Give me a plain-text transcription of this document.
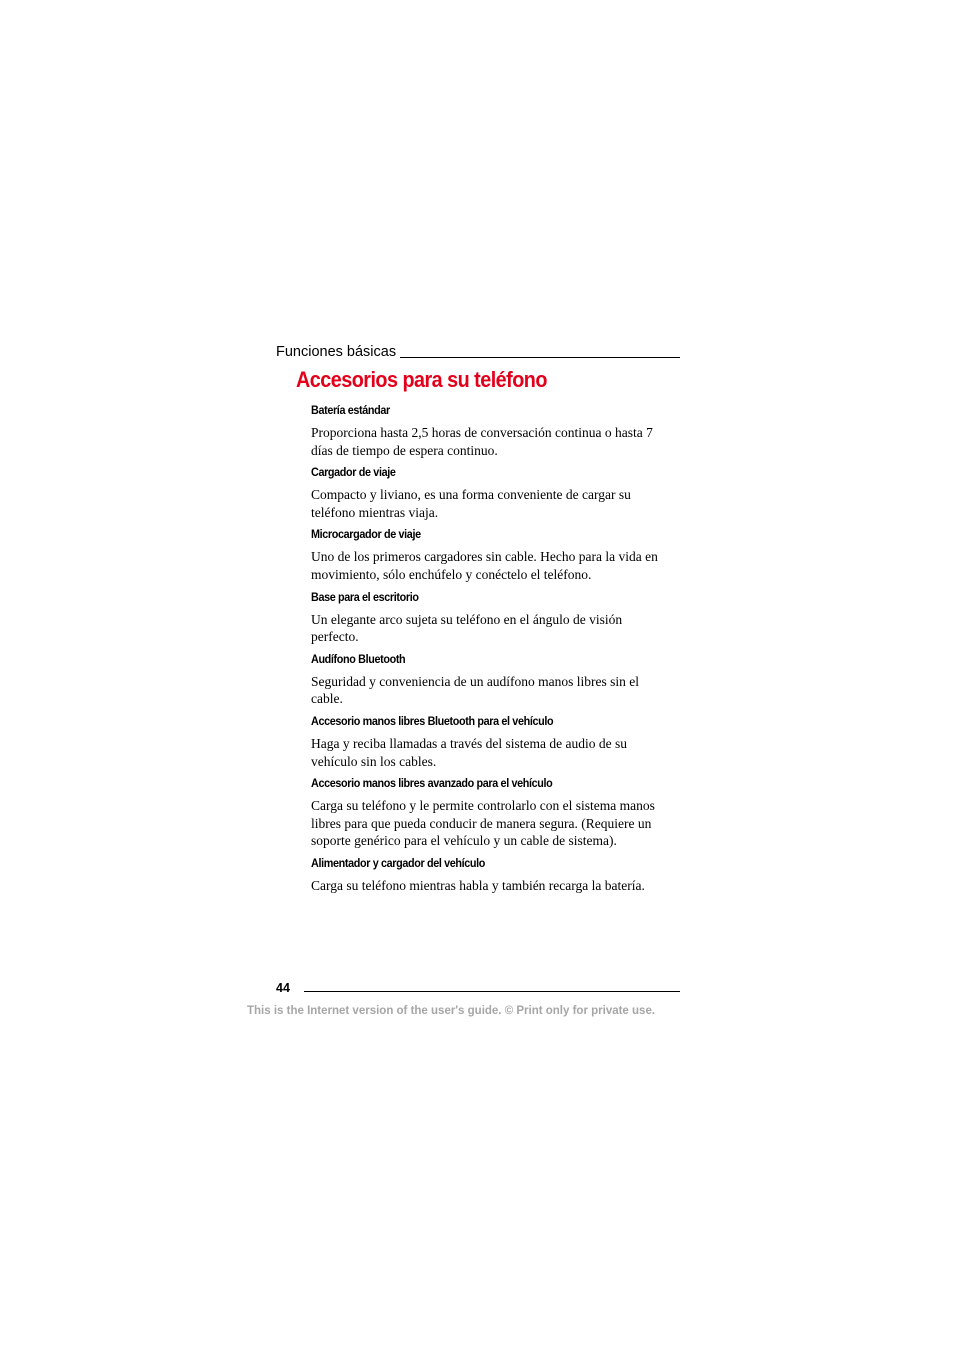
Funciones básicas
Accesorios para su teléfono

Batería estándar

Proporciona hasta 2,5 horas de conversación continua o hasta 7 días de tiempo de espera continuo.

Cargador de viaje

Compacto y liviano, es una forma conveniente de cargar su teléfono mientras viaja.

Microcargador de viaje

Uno de los primeros cargadores sin cable. Hecho para la vida en movimiento, sólo enchúfelo y conéctelo el teléfono.

Base para el escritorio

Un elegante arco sujeta su teléfono en el ángulo de visión perfecto.

Audífono Bluetooth

Seguridad y conveniencia de un audífono manos libres sin el cable.

Accesorio manos libres Bluetooth para el vehículo

Haga y reciba llamadas a través del sistema de audio de su vehículo sin los cables.

Accesorio manos libres avanzado para el vehículo

Carga su teléfono y le permite controlarlo con el sistema manos libres para que pueda conducir de manera segura. (Requiere un soporte genérico para el vehículo y un cable de sistema).

Alimentador y cargador del vehículo

Carga su teléfono mientras habla y también recarga la batería.

44
This is the Internet version of the user's guide. © Print only for private use.
